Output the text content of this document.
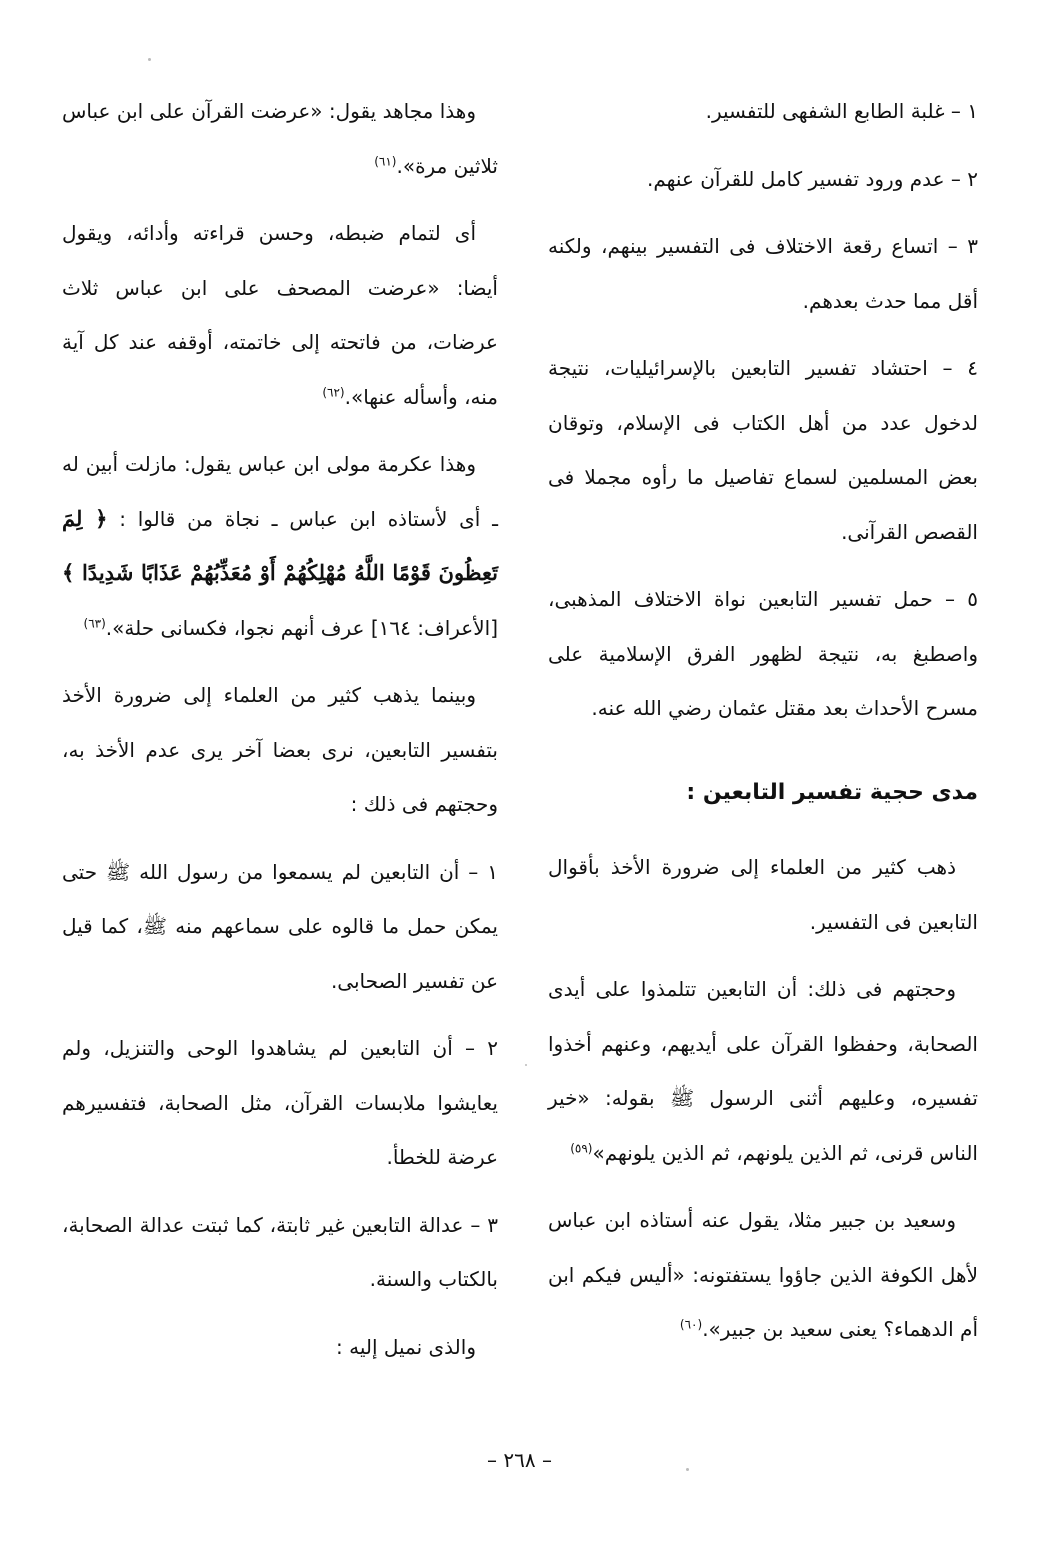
١ – غلبة الطابع الشفهى للتفسير.

٢ – عدم ورود تفسير كامل للقرآن عنهم.

٣ – اتساع رقعة الاختلاف فى التفسير بينهم، ولكنه أقل مما حدث بعدهم.

٤ – احتشاد تفسير التابعين بالإسرائيليات، نتيجة لدخول عدد من أهل الكتاب فى الإسلام، وتوقان بعض المسلمين لسماع تفاصيل ما رأوه مجملا فى القصص القرآنى.

٥ – حمل تفسير التابعين نواة الاختلاف المذهبى، واصطبغ به، نتيجة لظهور الفرق الإسلامية على مسرح الأحداث بعد مقتل عثمان رضي الله عنه.

مدى حجية تفسير التابعين :

ذهب كثير من العلماء إلى ضرورة الأخذ بأقوال التابعين فى التفسير.

وحجتهم فى ذلك: أن التابعين تتلمذوا على أيدى الصحابة، وحفظوا القرآن على أيديهم، وعنهم أخذوا تفسيره، وعليهم أثنى الرسول ﷺ بقوله: «خير الناس قرنى، ثم الذين يلونهم، ثم الذين يلونهم»$^{(٥٩)}$

وسعيد بن جبير مثلا، يقول عنه أستاذه ابن عباس لأهل الكوفة الذين جاؤوا يستفتونه: «أليس فيكم ابن أم الدهماء؟ يعنى سعيد بن جبير».$^{(٦٠)}$

وهذا مجاهد يقول: «عرضت القرآن على ابن عباس ثلاثين مرة».$^{(٦١)}$

أى لتمام ضبطه، وحسن قراءته وأدائه، ويقول أيضا: «عرضت المصحف على ابن عباس ثلاث عرضات، من فاتحته إلى خاتمته، أوقفه عند كل آية منه، وأسأله عنها».$^{(٦٢)}$

وهذا عكرمة مولى ابن عباس يقول: مازلت أبين له ـ أى لأستاذه ابن عباس ـ نجاة من قالوا : ﴿ لِمَ تَعِظُونَ قَوْمًا اللَّهُ مُهْلِكُهُمْ أَوْ مُعَذِّبُهُمْ عَذَابًا شَدِيدًا ﴾ [الأعراف: ١٦٤] عرف أنهم نجوا، فكسانى حلة».$^{(٦٣)}$

وبينما يذهب كثير من العلماء إلى ضرورة الأخذ بتفسير التابعين، نرى بعضا آخر يرى عدم الأخذ به، وحجتهم فى ذلك :

١ – أن التابعين لم يسمعوا من رسول الله ﷺ حتى يمكن حمل ما قالوه على سماعهم منه ﷺ، كما قيل عن تفسير الصحابى.

٢ – أن التابعين لم يشاهدوا الوحى والتنزيل، ولم يعايشوا ملابسات القرآن، مثل الصحابة، فتفسيرهم عرضة للخطأ.

٣ – عدالة التابعين غير ثابتة، كما ثبتت عدالة الصحابة، بالكتاب والسنة.

والذى نميل إليه :

– ٢٦٨ –
